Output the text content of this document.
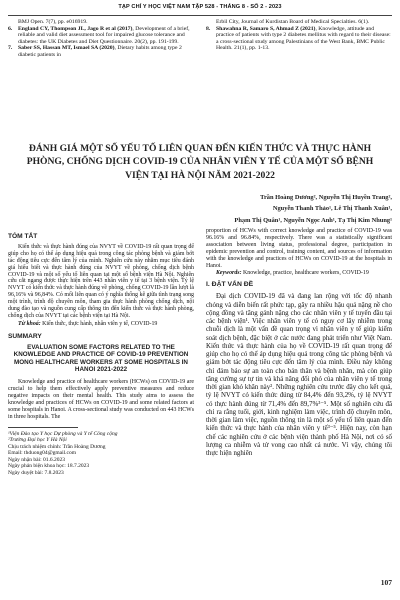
TẠP CHÍ Y HỌC VIỆT NAM TẬP 528 - THÁNG 8 - SỐ 2 - 2023
BMJ Open. 7(7), pp. e016919.
6.	England CY, Thompson JL, Jago R et al (2017), Development of a brief, reliable and valid diet assessment tool for impaired glucose tolerance and diabetes: the UK Diabetes and Diet Questionnaire. 20(2), pp. 191-199.
7.	Saber SS, Hassan MT, Ismael SA (2020), Dietary habits among type 2 diabetic patients in
Erbil City, Journal of Kurdistan Board of Medical Specialties. 6(1).
8.	Shawahna R, Samaro S, Ahmad Z (2021), Knowledge, attitude and practice of patients with type 2 diabetes mellitus with regard to their disease: a cross-sectional study among Palestinians of the West Bank, BMC Public Health. 21(1), pp. 1-13.
ĐÁNH GIÁ MỘT SỐ YẾU TỐ LIÊN QUAN ĐẾN KIẾN THỨC VÀ THỰC HÀNH PHÒNG, CHỐNG DỊCH COVID-19 CỦA NHÂN VIÊN Y TẾ CỦA MỘT SỐ BỆNH VIỆN TẠI HÀ NỘI NĂM 2021-2022
Trần Hoàng Dương², Nguyễn Thị Huyền Trang²,
Nguyễn Thanh Thảo¹, Lê Thị Thanh Xuân¹,
Phạm Thị Quân¹, Nguyễn Ngọc Anh¹, Tạ Thị Kim Nhung¹
TÓM TẮT
Kiến thức và thực hành đúng của NVYT về COVID-19 rất quan trọng để giúp cho họ có thể áp dụng hiệu quả trong công tác phòng bệnh và giảm bớt tác động tiêu cực đến tâm lý của mình. Nghiên cứu này nhằm mục tiêu đánh giá hiểu biết và thực hành đúng của NVYT về phòng, chống dịch bệnh COVID-19 và một số yếu tố liên quan tại một số bệnh viện Hà Nội. Nghiên cứu cắt ngang được thực hiện trên 443 nhân viên y tế tại 3 bệnh viện. Tỷ lệ NVYT có kiến thức và thực hành đúng về phòng, chống COVID-19 lần lượt là 96,16% và 96,84%. Có mối liên quan có ý nghĩa thống kê giữa tình trạng song một trình, trình độ chuyên môn, tham gia thực hành phòng chống dịch, nội dung đào tạo và nguồn cung cấp thông tin đến kiến thức và thực hành phòng, chống dịch của NVYT tại các bệnh viện tại Hà Nội.
Từ khoá: Kiến thức, thực hành, nhân viên y tế, COVID-19
SUMMARY
EVALUATION SOME FACTORS RELATED TO THE KNOWLEDGE AND PRACTICE OF COVID-19 PREVENTION MONG HEALTHCARE WORKERS AT SOME HOSPITALS IN HANOI 2021-2022
Knowledge and practice of healthcare workers (HCWs) on COVID-19 are crucial to help them effectively apply preventive measures and reduce negative impacts on their mental health. This study aims to assess the knowledge and practices of HCWs on COVID-19 and some related factors at some hospitals in Hanoi. A cross-sectional study was conducted on 443 HCWs in three hospitals. The
¹Viện Đào tạo Y học Dự phòng và Y tế Công cộng
²Trường Đại học Y Hà Nội
Chịu trách nhiệm chính: Trần Hoàng Dương
Email: thduong04@gmail.com
Ngày nhận bài: 01.6.2023
Ngày phản biện khoa học: 18.7.2023
Ngày duyệt bài: 7.8.2023
proportion of HCWs with correct knowledge and practice of COVID-19 was 96.16% and 96.84%, respectively. There was a statistically significant association between living status, professional degree, participation in epidemic prevention and control, training content, and sources of information with the knowledge and practices of HCWs on COVID-19 at the hospitals in Hanoi.
Keywords: Knowledge, practice, healthcare workers, COVID-19
I. ĐẶT VẤN ĐỀ
Đại dịch COVID-19 đã và đang lan rộng với tốc độ nhanh chóng và diễn biến rất phức tạp, gây ra nhiều hậu quả nặng nề cho cộng đồng và tăng gánh nặng cho các nhân viên y tế tuyến đầu tại các bệnh viện¹. Việc nhân viên y tế có nguy cơ lây nhiễm trong chuỗi dịch là một vấn đề quan trọng vì nhân viên y tế giúp kiểm soát dịch bệnh, đặc biệt ở các nước đang phát triển như Việt Nam. Kiến thức và thực hành của họ về COVID-19 rất quan trọng để giúp cho họ có thể áp dụng hiệu quả trong công tác phòng bệnh và giảm bớt tác động tiêu cực đến tâm lý của mình. Điều này không chỉ đảm bảo sự an toàn cho bản thân và bệnh nhân, mà còn giúp tăng cường sự tự tin và khả năng đối phó của nhân viên y tế trong thời gian khó khăn này². Những nghiên cứu trước đây cho kết quả, tỷ lệ NVYT có kiến thức đúng từ 84,4% đến 93,2%, tỷ lệ NVYT có thực hành đúng từ 71,4% đến 89,7%³⁻⁵. Một số nghiên cứu đã chỉ ra rằng tuổi, giới, kinh nghiệm làm việc, trình độ chuyên môn, thời gian làm việc, nguồn thông tin là một số yếu tố liên quan đến kiến thức và thực hành của nhân viên y tế³⁻⁵. Hiện nay, còn hạn chế các nghiên cứu ở các bệnh viện thành phố Hà Nội, nơi có số lượng ca nhiễm và tử vong cao nhất cả nước. Vì vậy, chúng tôi thực hiện nghiên
107
